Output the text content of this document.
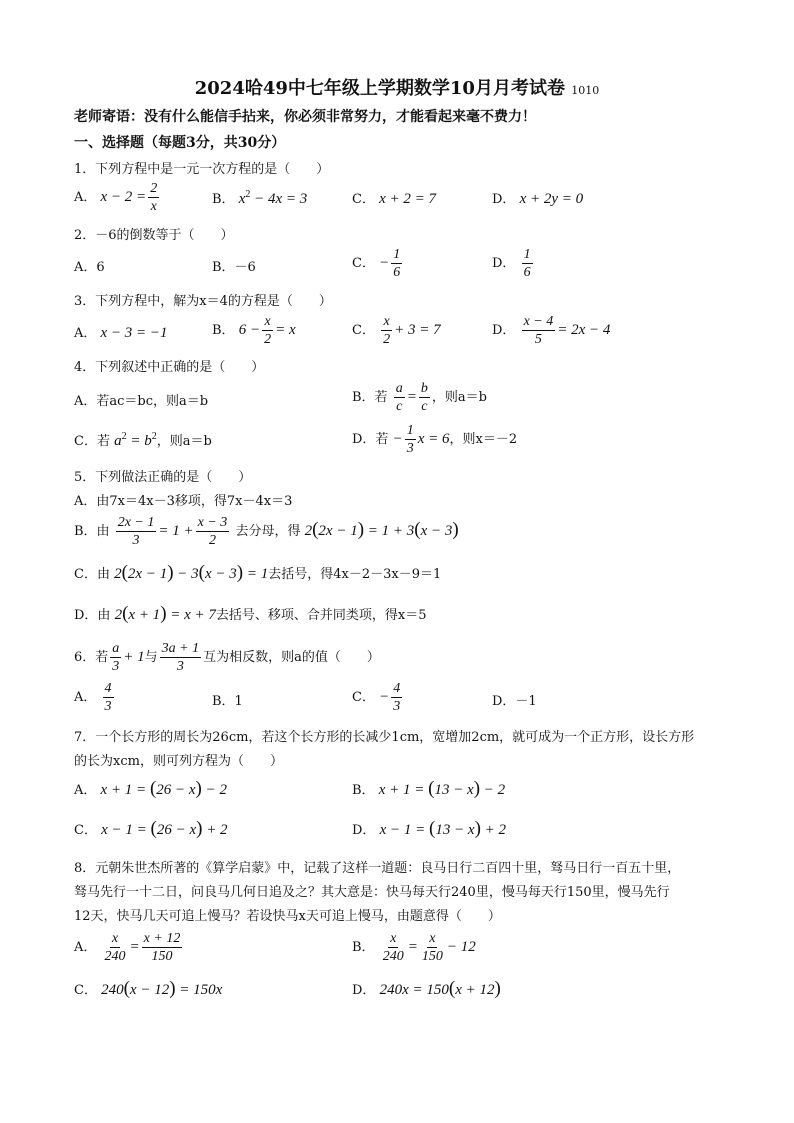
2024哈49中七年级上学期数学10月月考试卷 1010
老师寄语：没有什么能信手拈来，你必须非常努力，才能看起来毫不费力！
一、选择题（每题3分，共30分）
1．下列方程中是一元一次方程的是（　　）
A． $x - 2 = \frac{2}{x}$	B． $x^2 - 4x = 3$	C． x + 2 = 7	D． x + 2y = 0
2．－6的倒数等于（　　）
A．6	B．－6	C． − $\frac{1}{6}$	D． $\frac{1}{6}$
3．下列方程中，解为x＝4的方程是（　　）
A． x − 3 = −1	B． $6 - \frac{x}{2} = x$	C． $\frac{x}{2} + 3 = 7$	D． $\frac{x - 4}{5} = 2x - 4$
4．下列叙述中正确的是（　　）
A．若ac＝bc，则a＝b	B．若 $\frac{a}{c} = \frac{b}{c}$ ，则a＝b
C．若 $a^2 = b^2$，则a＝b	D．若 − $\frac{1}{3}$ x = 6，则x＝－2
5．下列做法正确的是（　　）
A．由7x＝4x－3移项，得7x－4x＝3
B．由 $\frac{2x - 1}{3} = 1 + \frac{x - 3}{2}$ 去分母，得 2(2x − 1) = 1 + 3(x − 3)
C．由 2(2x − 1) − 3(x − 3) = 1去括号，得4x－2－3x－9＝1
D．由 2(x + 1) = x + 7去括号、移项、合并同类项，得x＝5
6．若 $\frac{a}{3} + 1$与 $\frac{3a + 1}{3}$ 互为相反数，则a的值（　　）
A． $\frac{4}{3}$	B．1	C． − $\frac{4}{3}$	D．－1
7．一个长方形的周长为26cm，若这个长方形的长减少1cm，宽增加2cm，就可成为一个正方形，设长方形
的长为xcm，则可列方程为（　　）
A． x + 1 = (26 − x) − 2	B． x + 1 = (13 − x) − 2
C． x − 1 = (26 − x) + 2	D． x − 1 = (13 − x) + 2
8．元朝朱世杰所著的《算学启蒙》中，记载了这样一道题：良马日行二百四十里，驽马日行一百五十里，
驽马先行一十二日，问良马几何日追及之？其大意是：快马每天行240里，慢马每天行150里，慢马先行
12天，快马几天可追上慢马？若设快马x天可追上慢马，由题意得（　　）
A． $\frac{x}{240} = \frac{x + 12}{150}$	B． $\frac{x}{240} = \frac{x}{150} - 12$
C． 240(x − 12) = 150x	D． 240x = 150(x + 12)
